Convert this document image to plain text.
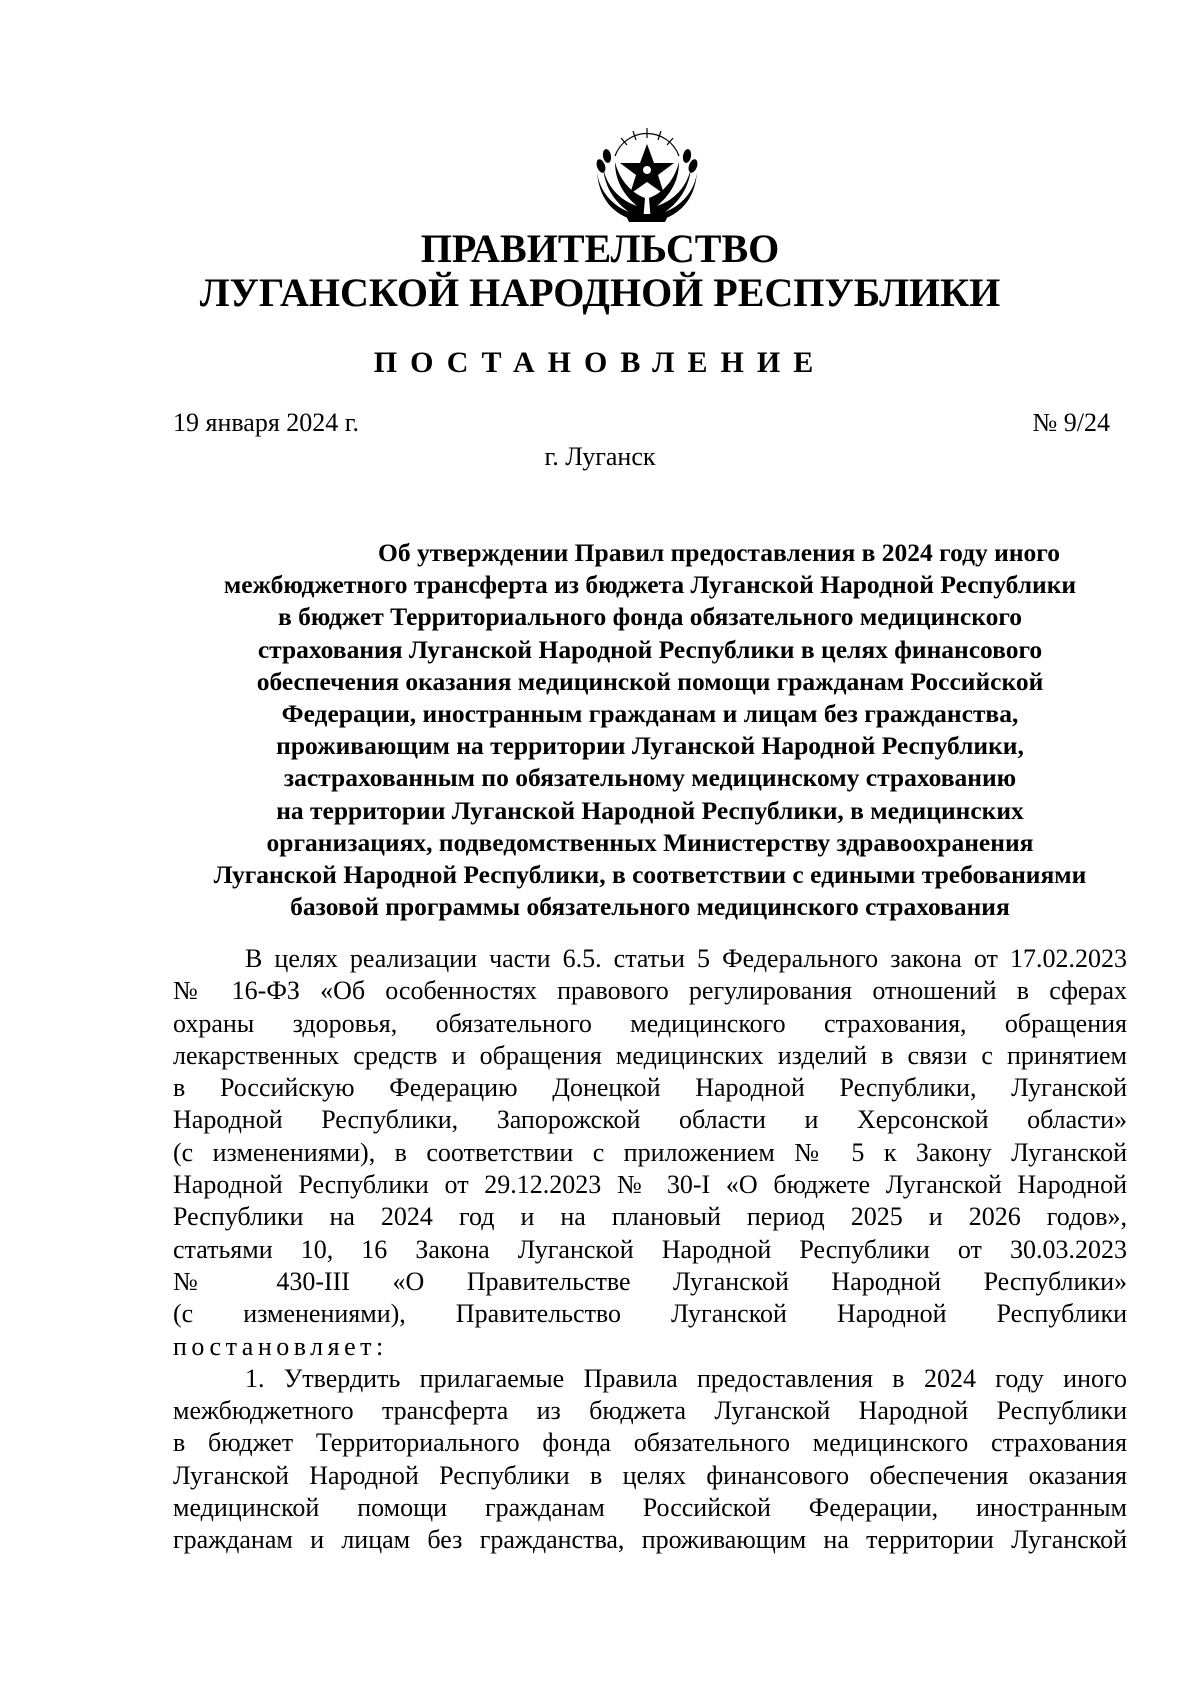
ПРАВИТЕЛЬСТВО
ЛУГАНСКОЙ НАРОДНОЙ РЕСПУБЛИКИ
ПОСТАНОВЛЕНИЕ
19 января 2024 г.	№ 9/24
г. Луганск
Об утверждении Правил предоставления в 2024 году иного
межбюджетного трансферта из бюджета Луганской Народной Республики
в бюджет Территориального фонда обязательного медицинского
страхования Луганской Народной Республики в целях финансового
обеспечения оказания медицинской помощи гражданам Российской
Федерации, иностранным гражданам и лицам без гражданства,
проживающим на территории Луганской Народной Республики,
застрахованным по обязательному медицинскому страхованию
на территории Луганской Народной Республики, в медицинских
организациях, подведомственных Министерству здравоохранения
Луганской Народной Республики, в соответствии с едиными требованиями
базовой программы обязательного медицинского страхования
В целях реализации части 6.5. статьи 5 Федерального закона от 17.02.2023
№ 16-ФЗ «Об особенностях правового регулирования отношений в сферах
охраны здоровья, обязательного медицинского страхования, обращения
лекарственных средств и обращения медицинских изделий в связи с принятием
в Российскую Федерацию Донецкой Народной Республики, Луганской
Народной Республики, Запорожской области и Херсонской области»
(с изменениями), в соответствии с приложением № 5 к Закону Луганской
Народной Республики от 29.12.2023 № 30-I «О бюджете Луганской Народной
Республики на 2024 год и на плановый период 2025 и 2026 годов»,
статьями 10, 16 Закона Луганской Народной Республики от 30.03.2023
№ 430-III «О Правительстве Луганской Народной Республики»
(с изменениями), Правительство Луганской Народной Республики
постановляет:
1. Утвердить прилагаемые Правила предоставления в 2024 году иного
межбюджетного трансферта из бюджета Луганской Народной Республики
в бюджет Территориального фонда обязательного медицинского страхования
Луганской Народной Республики в целях финансового обеспечения оказания
медицинской помощи гражданам Российской Федерации, иностранным
гражданам и лицам без гражданства, проживающим на территории Луганской
